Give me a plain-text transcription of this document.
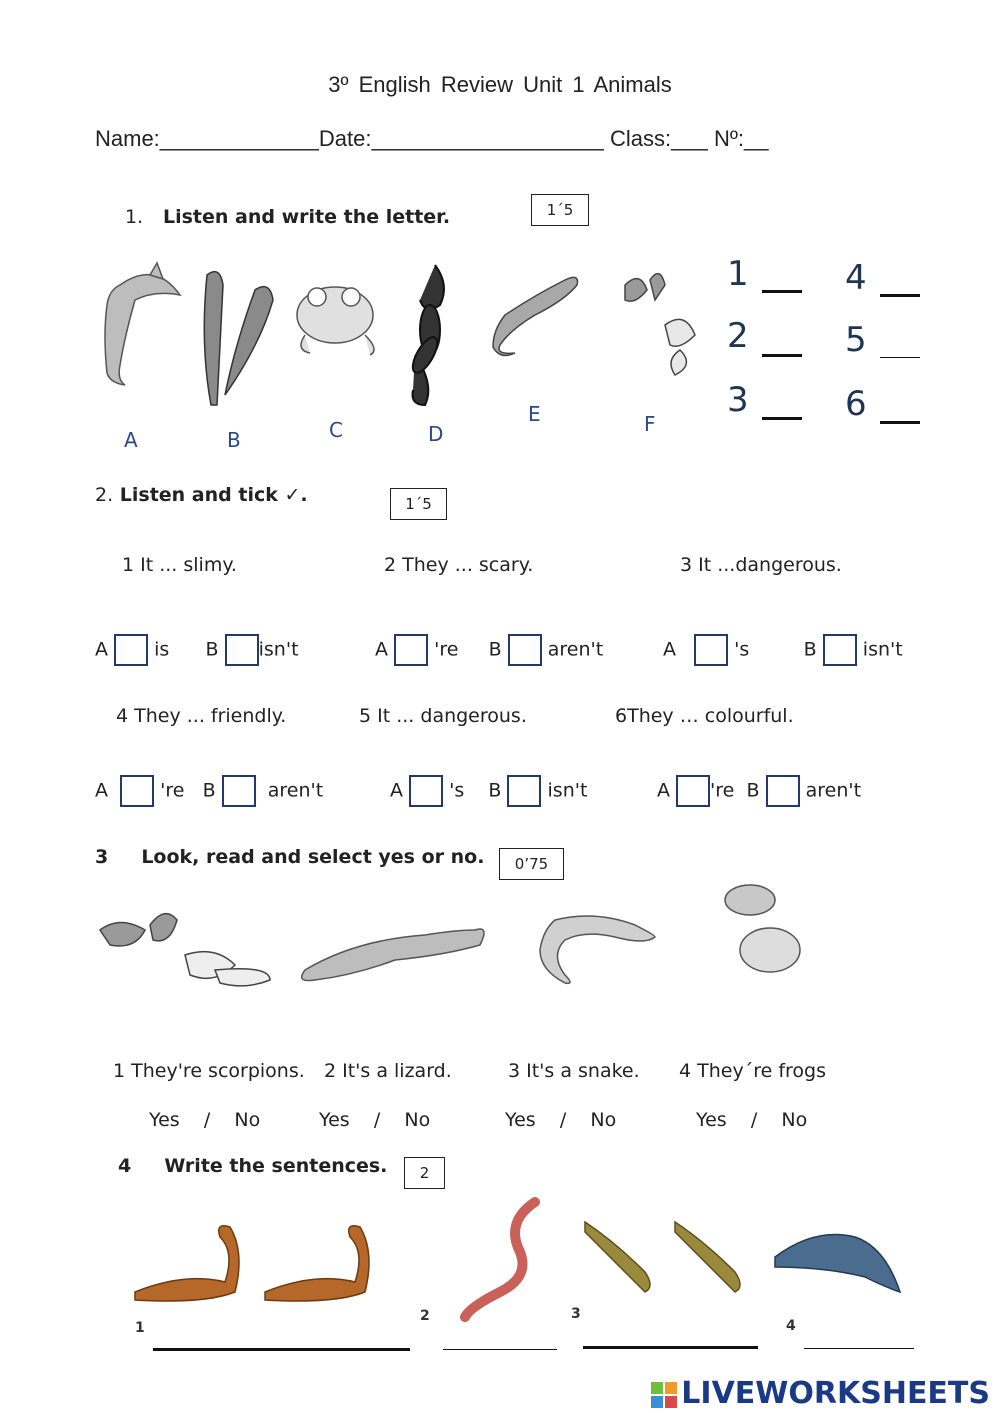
3º English Review Unit 1 Animals
Name:_____________Date:___________________ Class:___ Nº:__
1. Listen and write the letter.	1´5
A	B	C	D
E	F
1
2
3
4
5
6
2. Listen and tick ✓.	1´5
1 It ... slimy.	2 They ... scary.	3 It ...dangerous.
A is B isn't	A 're B aren't	A	's	B isn't
4 They ... friendly.	5 It ... dangerous.	6They … colourful.
A	're B	aren't	A 's B isn't	A 're B aren't
3 Look, read and select yes or no.	0’75
1 They're scorpions. 2 It's a lizard.	3 It's a snake. 4 They´re frogs
Yes    /    No	Yes    /    No	Yes    /    No	Yes    /    No
4 Write the sentences.	2
1
2	3
4
LIVEWORKSHEETS
